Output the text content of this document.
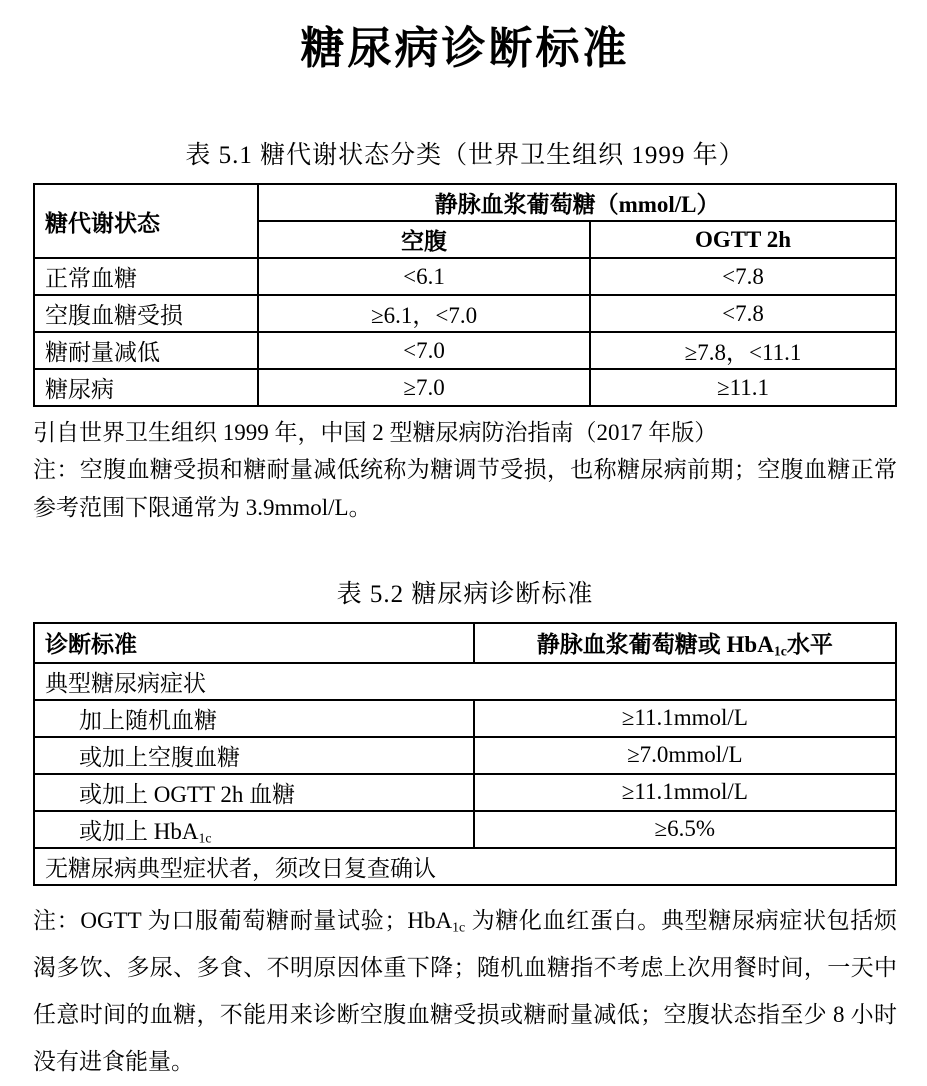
糖尿病诊断标准

表 5.1 糖代谢状态分类（世界卫生组织 1999 年）

糖代谢状态	静脉血浆葡萄糖（mmol/L）	
	空腹	OGTT 2h
正常血糖	<6.1	<7.8
空腹血糖受损	≥6.1，<7.0	<7.8
糖耐量减低	<7.0	≥7.8，<11.1
糖尿病	≥7.0	≥11.1

引自世界卫生组织 1999 年，中国 2 型糖尿病防治指南（2017 年版）

注：空腹血糖受损和糖耐量减低统称为糖调节受损，也称糖尿病前期；空腹血糖正常参考范围下限通常为 3.9mmol/L。

表 5.2 糖尿病诊断标准

诊断标准	静脉血浆葡萄糖或 HbA$_{1c}$水平
典型糖尿病症状	
加上随机血糖	≥11.1mmol/L
或加上空腹血糖	≥7.0mmol/L
或加上 OGTT 2h 血糖	≥11.1mmol/L
或加上 HbA$_{1c}$	≥6.5%
无糖尿病典型症状者，须改日复查确认	

注：OGTT 为口服葡萄糖耐量试验；HbA$_{1c}$ 为糖化血红蛋白。典型糖尿病症状包括烦渴多饮、多尿、多食、不明原因体重下降；随机血糖指不考虑上次用餐时间，一天中任意时间的血糖，不能用来诊断空腹血糖受损或糖耐量减低；空腹状态指至少 8 小时没有进食能量。
